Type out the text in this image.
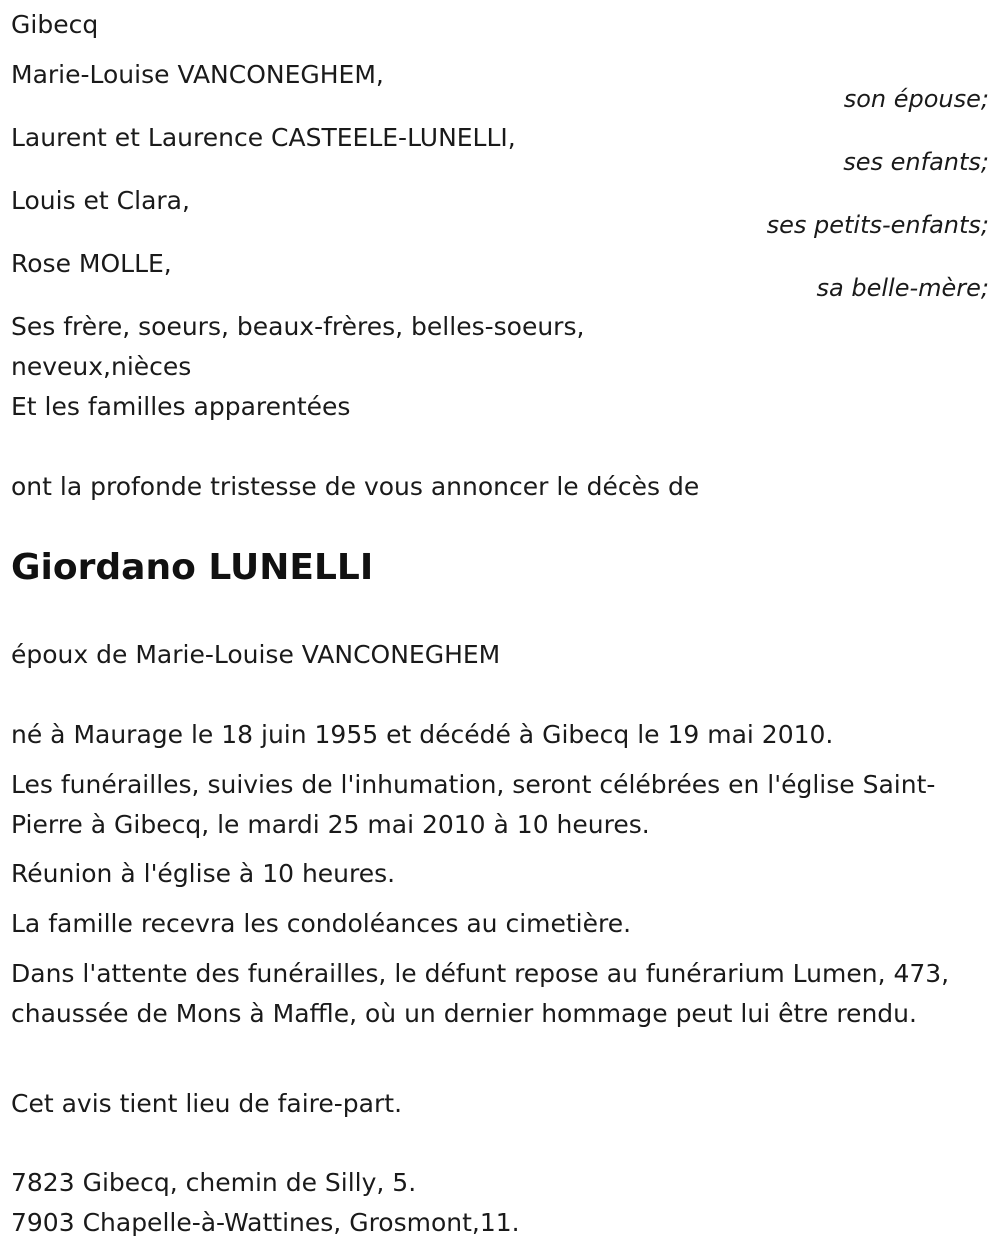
Gibecq

Marie-Louise VANCONEGHEM,

son épouse;

Laurent et Laurence CASTEELE-LUNELLI,

ses enfants;

Louis et Clara,

ses petits-enfants;

Rose MOLLE,

sa belle-mère;

Ses frère, soeurs, beaux-frères, belles-soeurs,

neveux,nièces

Et les familles apparentées

ont la profonde tristesse de vous annoncer le décès de

Giordano LUNELLI

époux de Marie-Louise VANCONEGHEM

né à Maurage le 18 juin 1955 et décédé à Gibecq le 19 mai 2010.

Les funérailles, suivies de l'inhumation, seront célébrées en l'église Saint-Pierre à Gibecq, le mardi 25 mai 2010 à 10 heures.

Réunion à l'église à 10 heures.

La famille recevra les condoléances au cimetière.

Dans l'attente des funérailles, le défunt repose au funérarium Lumen, 473, chaussée de Mons à Maffle, où un dernier hommage peut lui être rendu.

Cet avis tient lieu de faire-part.

7823 Gibecq, chemin de Silly, 5.

7903 Chapelle-à-Wattines, Grosmont,11.
